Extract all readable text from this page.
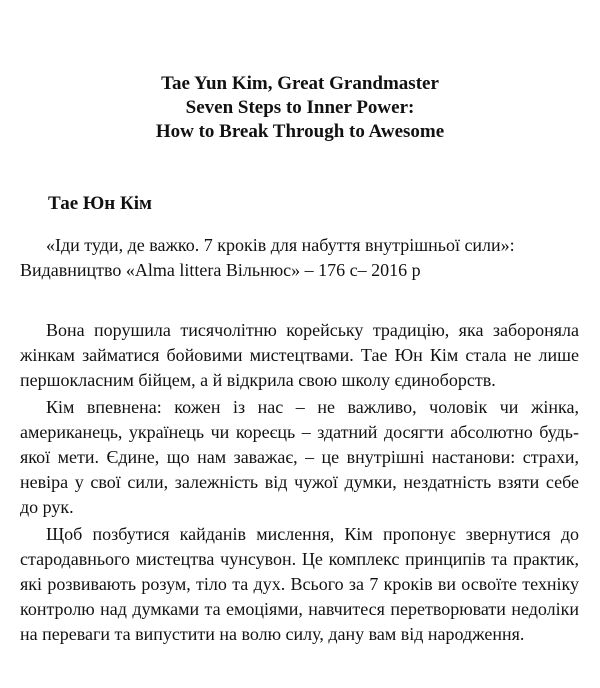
Tae Yun Kim, Great Grandmaster
Seven Steps to Inner Power:
How to Break Through to Awesome
Тае Юн Кім
«Іди туди, де важко. 7 кроків для набуття внутрішньої сили»:
Видавництво «Alma littera Вільнюс» – 176 с– 2016 р

Вона порушила тисячолітню корейську традицію, яка забороняла жінкам займатися бойовими мистецтвами. Тае Юн Кім стала не лише першокласним бійцем, а й відкрила свою школу єдиноборств.

Кім впевнена: кожен із нас – не важливо, чоловік чи жінка, американець, українець чи кореєць – здатний досягти абсолютно будь-якої мети. Єдине, що нам заважає, – це внутрішні настанови: страхи, невіра у свої сили, залежність від чужої думки, нездатність взяти себе до рук.

Щоб позбутися кайданів мислення, Кім пропонує звернутися до стародавнього мистецтва чунсувон. Це комплекс принципів та практик, які розвивають розум, тіло та дух. Всього за 7 кроків ви освоїте техніку контролю над думками та емоціями, навчитеся перетворювати недоліки на переваги та випустити на волю силу, дану вам від народження.
